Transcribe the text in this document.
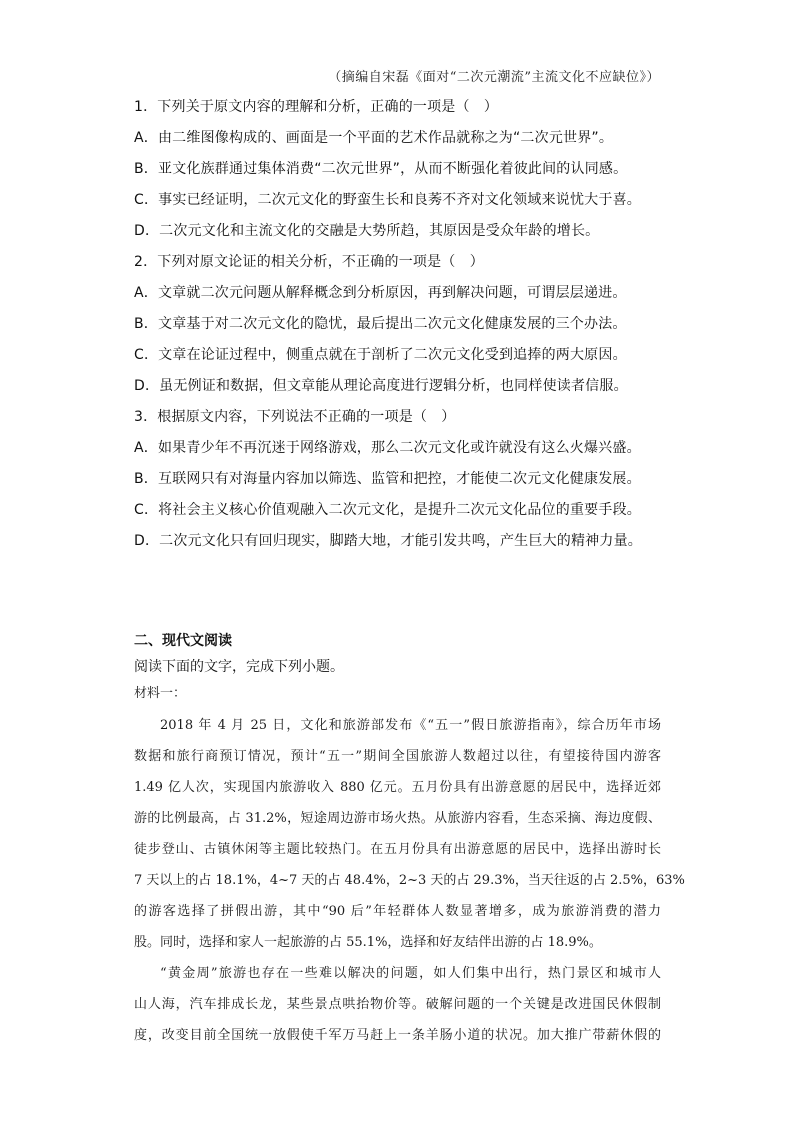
（摘编自宋磊《面对“二次元潮流”主流文化不应缺位》）
1．下列关于原文内容的理解和分析，正确的一项是（　）
A．由二维图像构成的、画面是一个平面的艺术作品就称之为“二次元世界”。
B．亚文化族群通过集体消费“二次元世界”，从而不断强化着彼此间的认同感。
C．事实已经证明，二次元文化的野蛮生长和良莠不齐对文化领域来说忧大于喜。
D．二次元文化和主流文化的交融是大势所趋，其原因是受众年龄的增长。
2．下列对原文论证的相关分析，不正确的一项是（　）
A．文章就二次元问题从解释概念到分析原因，再到解决问题，可谓层层递进。
B．文章基于对二次元文化的隐忧，最后提出二次元文化健康发展的三个办法。
C．文章在论证过程中，侧重点就在于剖析了二次元文化受到追捧的两大原因。
D．虽无例证和数据，但文章能从理论高度进行逻辑分析，也同样使读者信服。
3．根据原文内容，下列说法不正确的一项是（　）
A．如果青少年不再沉迷于网络游戏，那么二次元文化或许就没有这么火爆兴盛。
B．互联网只有对海量内容加以筛选、监管和把控，才能使二次元文化健康发展。
C．将社会主义核心价值观融入二次元文化，是提升二次元文化品位的重要手段。
D．二次元文化只有回归现实，脚踏大地，才能引发共鸣，产生巨大的精神力量。
二、现代文阅读
阅读下面的文字，完成下列小题。
材料一：
2018 年 4 月 25 日，文化和旅游部发布《“五一”假日旅游指南》，综合历年市场
数据和旅行商预订情况，预计“五一”期间全国旅游人数超过以往，有望接待国内游客
1.49 亿人次，实现国内旅游收入 880 亿元。五月份具有出游意愿的居民中，选择近郊
游的比例最高，占 31.2%，短途周边游市场火热。从旅游内容看，生态采摘、海边度假、
徒步登山、古镇休闲等主题比较热门。在五月份具有出游意愿的居民中，选择出游时长
7 天以上的占 18.1%，4~7 天的占 48.4%，2~3 天的占 29.3%，当天往返的占 2.5%，63%
的游客选择了拼假出游，其中“90 后”年轻群体人数显著增多，成为旅游消费的潜力
股。同时，选择和家人一起旅游的占 55.1%，选择和好友结伴出游的占 18.9%。
“黄金周”旅游也存在一些难以解决的问题，如人们集中出行，热门景区和城市人
山人海，汽车排成长龙，某些景点哄抬物价等。破解问题的一个关键是改进国民休假制
度，改变目前全国统一放假使千军万马赶上一条羊肠小道的状况。加大推广带薪休假的
